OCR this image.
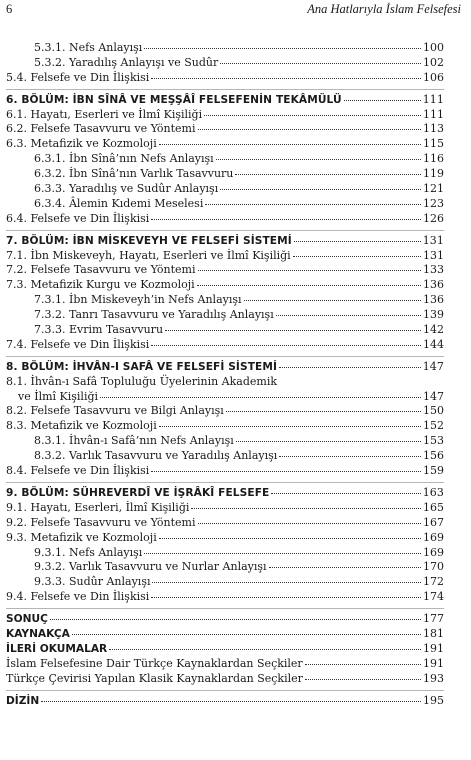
6	Ana Hatlarıyla İslam Felsefesi
5.3.1. Nefs Anlayışı	100
5.3.2. Yaradılış Anlayışı ve Sudûr	102
5.4. Felsefe ve Din İlişkisi	106
6. BÖLÜM: İBN SÎNÂ VE MEŞŞÂÎ FELSEFENİN TEKÂMÜLÜ	111
6.1. Hayatı, Eserleri ve İlmî Kişiliği	111
6.2. Felsefe Tasavvuru ve Yöntemi	113
6.3. Metafizik ve Kozmoloji	115
6.3.1. İbn Sînâ’nın Nefs Anlayışı	116
6.3.2. İbn Sînâ’nın Varlık Tasavvuru	119
6.3.3. Yaradılış ve Sudûr Anlayışı	121
6.3.4. Âlemin Kıdemi Meselesi	123
6.4. Felsefe ve Din İlişkisi	126
7. BÖLÜM: İBN MİSKEVEYH VE FELSEFİ SİSTEMİ	131
7.1. İbn Miskeveyh, Hayatı, Eserleri ve İlmî Kişiliği	131
7.2. Felsefe Tasavvuru ve Yöntemi	133
7.3. Metafizik Kurgu ve Kozmoloji	136
7.3.1. İbn Miskeveyh’in Nefs Anlayışı	136
7.3.2. Tanrı Tasavvuru ve Yaradılış Anlayışı	139
7.3.3. Evrim Tasavvuru	142
7.4. Felsefe ve Din İlişkisi	144
8. BÖLÜM: İHVÂN-I SAFÂ VE FELSEFİ SİSTEMİ	147
8.1. İhvân-ı Safâ Topluluğu Üyelerinin Akademik
ve İlmî Kişiliği	147
8.2. Felsefe Tasavvuru ve Bilgi Anlayışı	150
8.3. Metafizik ve Kozmoloji	152
8.3.1. İhvân-ı Safâ’nın Nefs Anlayışı	153
8.3.2. Varlık Tasavvuru ve Yaradılış Anlayışı	156
8.4. Felsefe ve Din İlişkisi	159
9. BÖLÜM: SÜHREVERDÎ VE İŞRÂKÎ FELSEFE	163
9.1. Hayatı, Eserleri, İlmî Kişiliği	165
9.2. Felsefe Tasavvuru ve Yöntemi	167
9.3. Metafizik ve Kozmoloji	169
9.3.1. Nefs Anlayışı	169
9.3.2. Varlık Tasavvuru ve Nurlar Anlayışı	170
9.3.3. Sudûr Anlayışı	172
9.4. Felsefe ve Din İlişkisi	174
SONUÇ	177
KAYNAKÇA	181
İLERİ OKUMALAR	191
İslam Felsefesine Dair Türkçe Kaynaklardan Seçkiler	191
Türkçe Çevirisi Yapılan Klasik Kaynaklardan Seçkiler	193
DİZİN	195
